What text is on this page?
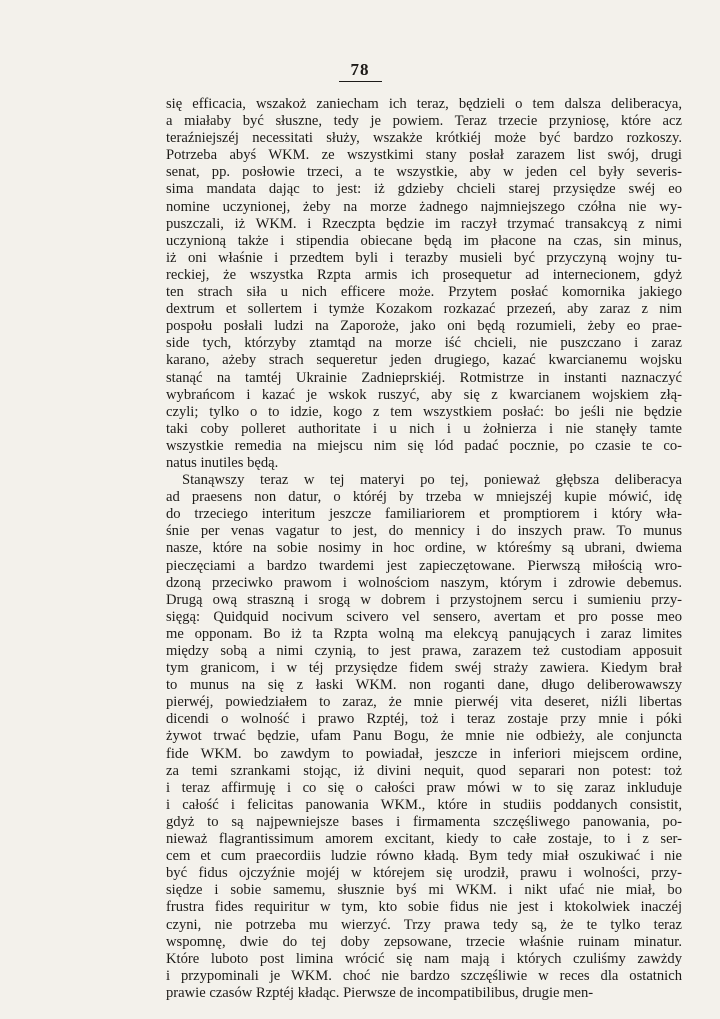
78
się efficacia, wszakoż zaniecham ich teraz, będzieli o tem dalsza deliberacya,
a miałaby być słuszne, tedy je powiem. Teraz trzecie przyniosę, które acz
teraźniejszéj necessitati służy, wszakże krótkiéj może być bardzo rozkoszy.
Potrzeba abyś WKM. ze wszystkimi stany posłał zarazem list swój, drugi
senat, pp. posłowie trzeci, a te wszystkie, aby w jeden cel były severis-
sima mandata dając to jest: iż gdzieby chcieli starej przysiędze swéj eo
nomine uczynionej, żeby na morze żadnego najmniejszego czółna nie wy-
puszczali, iż WKM. i Rzeczpta będzie im raczył trzymać transakcyą z nimi
uczynioną także i stipendia obiecane będą im płacone na czas, sin minus,
iż oni właśnie i przedtem byli i terazby musieli być przyczyną wojny tu-
reckiej, że wszystka Rzpta armis ich prosequetur ad internecionem, gdyż
ten strach siła u nich efficere może. Przytem posłać komornika jakiego
dextrum et sollertem i tymże Kozakom rozkazać przezeń, aby zaraz z nim
pospołu posłali ludzi na Zaporoże, jako oni będą rozumieli, żeby eo prae-
side tych, którzyby ztamtąd na morze iść chcieli, nie puszczano i zaraz
karano, ażeby strach sequeretur jeden drugiego, kazać kwarcianemu wojsku
stanąć na tamtéj Ukrainie Zadnieprskiéj. Rotmistrze in instanti naznaczyć
wybrańcom i kazać je wskok ruszyć, aby się z kwarcianem wojskiem złą-
czyli; tylko o to idzie, kogo z tem wszystkiem posłać: bo jeśli nie będzie
taki coby polleret authoritate i u nich i u żołnierza i nie stanęły tamte
wszystkie remedia na miejscu nim się lód padać pocznie, po czasie te co-
natus inutiles będą.
Stanąwszy teraz w tej materyi po tej, ponieważ głębsza deliberacya
ad praesens non datur, o któréj by trzeba w mniejszéj kupie mówić, idę
do trzeciego interitum jeszcze familiariorem et promptiorem i który wła-
śnie per venas vagatur to jest, do mennicy i do inszych praw. To munus
nasze, które na sobie nosimy in hoc ordine, w któreśmy są ubrani, dwiema
pieczęciami a bardzo twardemi jest zapieczętowane. Pierwszą miłością wro-
dzoną przeciwko prawom i wolnościom naszym, którym i zdrowie debemus.
Drugą ową straszną i srogą w dobrem i przystojnem sercu i sumieniu przy-
sięgą: Quidquid nocivum scivero vel sensero, avertam et pro posse meo
me opponam. Bo iż ta Rzpta wolną ma elekcyą panujących i zaraz limites
między sobą a nimi czynią, to jest prawa, zarazem też custodiam apposuit
tym granicom, i w téj przysiędze fidem swéj straży zawiera. Kiedym brał
to munus na się z łaski WKM. non roganti dane, długo deliberowawszy
pierwéj, powiedziałem to zaraz, że mnie pierwéj vita deseret, niźli libertas
dicendi o wolność i prawo Rzptéj, toż i teraz zostaje przy mnie i póki
żywot trwać będzie, ufam Panu Bogu, że mnie nie odbieży, ale conjuncta
fide WKM. bo zawdym to powiadał, jeszcze in inferiori miejscem ordine,
za temi szrankami stojąc, iż divini nequit, quod separari non potest: toż
i teraz affirmuję i co się o całości praw mówi w to się zaraz inkluduje
i całość i felicitas panowania WKM., które in studiis poddanych consistit,
gdyż to są najpewniejsze bases i firmamenta szczęśliwego panowania, po-
nieważ flagrantissimum amorem excitant, kiedy to całe zostaje, to i z ser-
cem et cum praecordiis ludzie równo kładą. Bym tedy miał oszukiwać i nie
być fidus ojczyźnie mojéj w którejem się urodził, prawu i wolności, przy-
siędze i sobie samemu, słusznie byś mi WKM. i nikt ufać nie miał, bo
frustra fides requiritur w tym, kto sobie fidus nie jest i ktokolwiek inaczéj
czyni, nie potrzeba mu wierzyć. Trzy prawa tedy są, że te tylko teraz
wspomnę, dwie do tej doby zepsowane, trzecie właśnie ruinam minatur.
Które luboto post limina wrócić się nam mają i których czuliśmy zawżdy
i przypominali je WKM. choć nie bardzo szczęśliwie w reces dla ostatnich
prawie czasów Rzptéj kładąc. Pierwsze de incompatibilibus, drugie men-
